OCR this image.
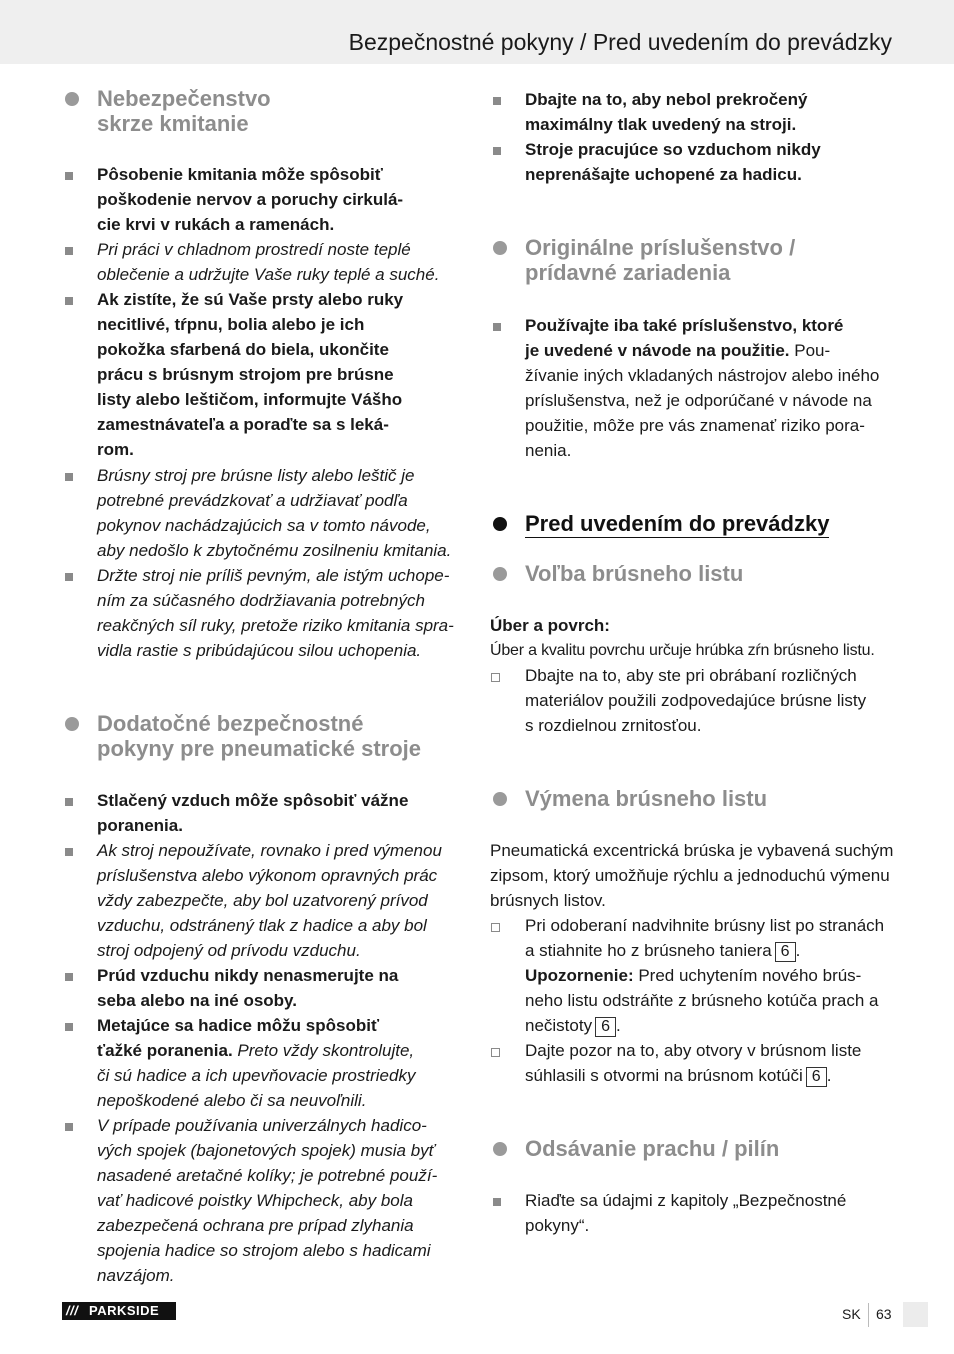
Bezpečnostné pokyny / Pred uvedením do prevádzky
Nebezpečenstvo
skrze kmitanie
Pôsobenie kmitania môže spôsobiť
poškodenie nervov a poruchy cirkulá-
cie krvi v rukách a ramenách.
Pri práci v chladnom prostredí noste teplé
oblečenie a udržujte Vaše ruky teplé a suché.
Ak zistíte, že sú Vaše prsty alebo ruky
necitlivé, tŕpnu, bolia alebo je ich
pokožka sfarbená do biela, ukončite
prácu s brúsnym strojom pre brúsne
listy alebo leštičom, informujte Vášho
zamestnávateľa a poraďte sa s leká-
rom.
Brúsny stroj pre brúsne listy alebo leštič je
potrebné prevádzkovať a udržiavať podľa
pokynov nachádzajúcich sa v tomto návode,
aby nedošlo k zbytočnému zosilneniu kmitania.
Držte stroj nie príliš pevným, ale istým uchope-
ním za súčasného dodržiavania potrebných
reakčných síl ruky, pretože riziko kmitania spra-
vidla rastie s pribúdajúcou silou uchopenia.
Dodatočné bezpečnostné
pokyny pre pneumatické stroje
Stlačený vzduch môže spôsobiť vážne
poranenia.
Ak stroj nepoužívate, rovnako i pred výmenou
príslušenstva alebo výkonom opravných prác
vždy zabezpečte, aby bol uzatvorený prívod
vzduchu, odstránený tlak z hadice a aby bol
stroj odpojený od prívodu vzduchu.
Prúd vzduchu nikdy nenasmerujte na
seba alebo na iné osoby.
Metajúce sa hadice môžu spôsobiť
ťažké poranenia. Preto vždy skontrolujte,
či sú hadice a ich upevňovacie prostriedky
nepoškodené alebo či sa neuvoľnili.
V prípade používania univerzálnych hadico-
vých spojek (bajonetových spojek) musia byť
nasadené aretačné kolíky; je potrebné použí-
vať hadicové poistky Whipcheck, aby bola
zabezpečená ochrana pre prípad zlyhania
spojenia hadice so strojom alebo s hadicami
navzájom.
Dbajte na to, aby nebol prekročený
maximálny tlak uvedený na stroji.
Stroje pracujúce so vzduchom nikdy
neprenášajte uchopené za hadicu.
Originálne príslušenstvo /
prídavné zariadenia
Používajte iba také príslušenstvo, ktoré
je uvedené v návode na použitie. Pou-
žívanie iných vkladaných nástrojov alebo iného
príslušenstva, než je odporúčané v návode na
použitie, môže pre vás znamenať riziko pora-
nenia.
Pred uvedením do prevádzky
Voľba brúsneho listu
Úber a povrch:
Úber a kvalitu povrchu určuje hrúbka zŕn brúsneho listu.
Dbajte na to, aby ste pri obrábaní rozličných
materiálov použili zodpovedajúce brúsne listy
s rozdielnou zrnitosťou.
Výmena brúsneho listu
Pneumatická excentrická brúska je vybavená suchým
zipsom, ktorý umožňuje rýchlu a jednoduchú výmenu
brúsnych listov.
Pri odoberaní nadvihnite brúsny list po stranách
a stiahnite ho z brúsneho taniera 6 .
Upozornenie: Pred uchytením nového brús-
neho listu odstráňte z brúsneho kotúča prach a
nečistoty 6 .
Dajte pozor na to, aby otvory v brúsnom liste
súhlasili s otvormi na brúsnom kotúči 6 .
Odsávanie prachu / pilín
Riaďte sa údajmi z kapitoly „Bezpečnostné
pokyny“.
/// PARKSIDE	SK 63
